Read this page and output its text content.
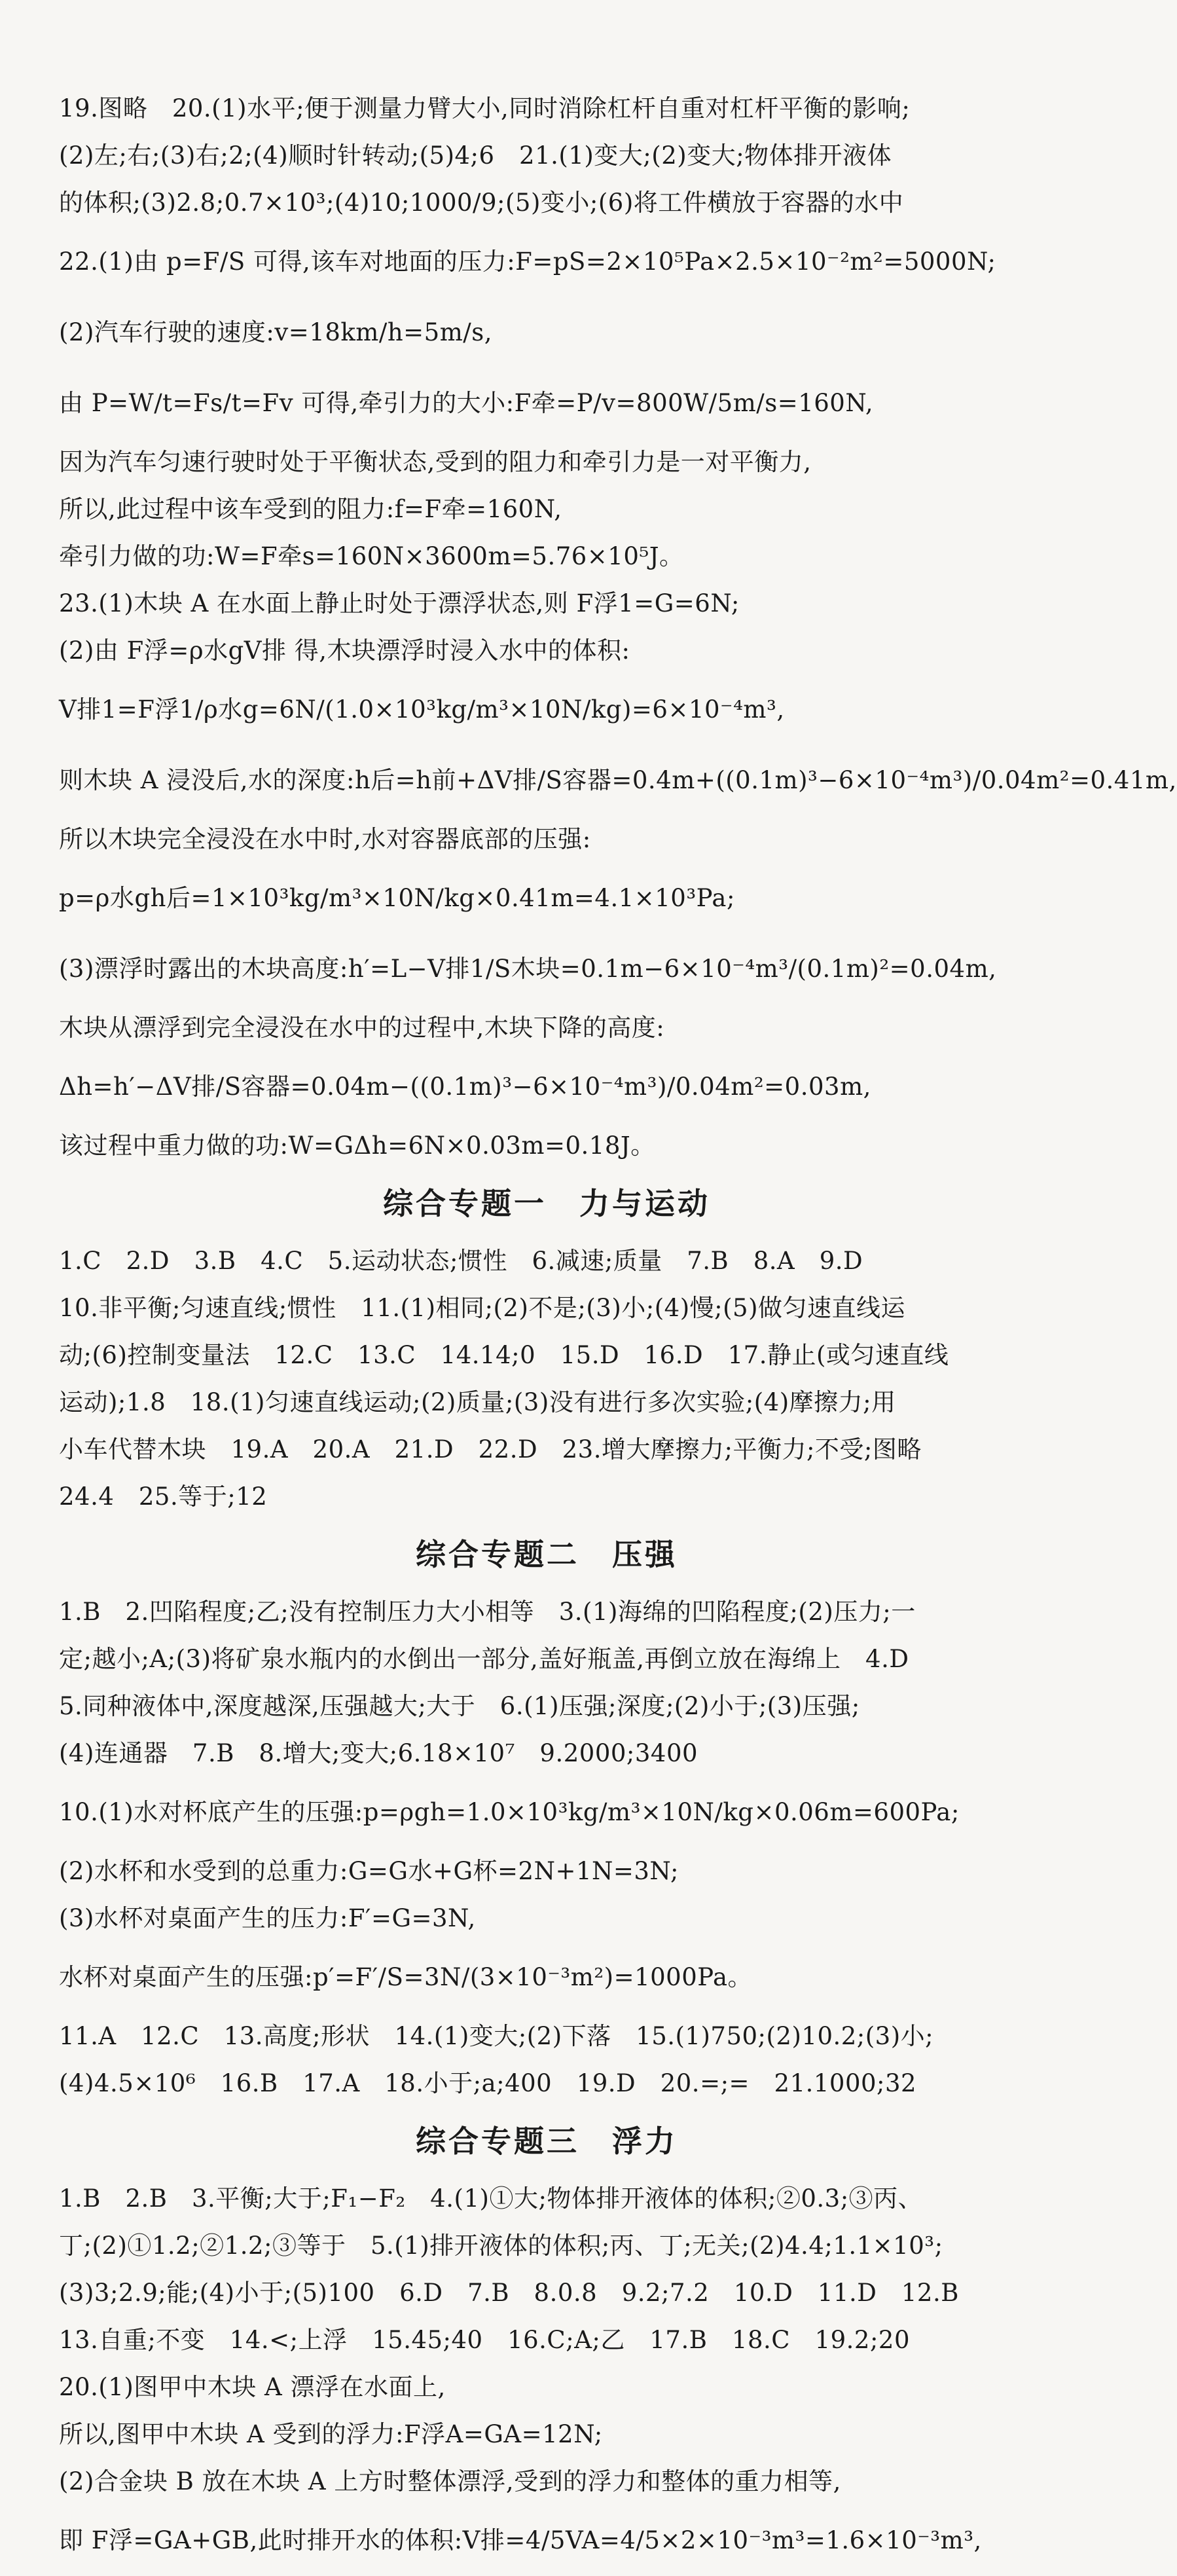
19.图略　20.(1)水平;便于测量力臂大小,同时消除杠杆自重对杠杆平衡的影响;
(2)左;右;(3)右;2;(4)顺时针转动;(5)4;6　21.(1)变大;(2)变大;物体排开液体
的体积;(3)2.8;0.7×10³;(4)10;1000/9;(5)变小;(6)将工件横放于容器的水中
22.(1)由 p=F/S 可得,该车对地面的压力:F=pS=2×10⁵Pa×2.5×10⁻²m²=5000N;
(2)汽车行驶的速度:v=18km/h=5m/s,
由 P=W/t=Fs/t=Fv 可得,牵引力的大小:F牵=P/v=800W/5m/s=160N,
因为汽车匀速行驶时处于平衡状态,受到的阻力和牵引力是一对平衡力,
所以,此过程中该车受到的阻力:f=F牵=160N,
牵引力做的功:W=F牵s=160N×3600m=5.76×10⁵J。
23.(1)木块 A 在水面上静止时处于漂浮状态,则 F浮1=G=6N;
(2)由 F浮=ρ水gV排 得,木块漂浮时浸入水中的体积:
V排1=F浮1/ρ水g=6N/(1.0×10³kg/m³×10N/kg)=6×10⁻⁴m³,
则木块 A 浸没后,水的深度:h后=h前+ΔV排/S容器=0.4m+((0.1m)³−6×10⁻⁴m³)/0.04m²=0.41m,
所以木块完全浸没在水中时,水对容器底部的压强:
p=ρ水gh后=1×10³kg/m³×10N/kg×0.41m=4.1×10³Pa;
(3)漂浮时露出的木块高度:h′=L−V排1/S木块=0.1m−6×10⁻⁴m³/(0.1m)²=0.04m,
木块从漂浮到完全浸没在水中的过程中,木块下降的高度:
Δh=h′−ΔV排/S容器=0.04m−((0.1m)³−6×10⁻⁴m³)/0.04m²=0.03m,
该过程中重力做的功:W=GΔh=6N×0.03m=0.18J。
综合专题一　力与运动
1.C　2.D　3.B　4.C　5.运动状态;惯性　6.减速;质量　7.B　8.A　9.D
10.非平衡;匀速直线;惯性　11.(1)相同;(2)不是;(3)小;(4)慢;(5)做匀速直线运
动;(6)控制变量法　12.C　13.C　14.14;0　15.D　16.D　17.静止(或匀速直线
运动);1.8　18.(1)匀速直线运动;(2)质量;(3)没有进行多次实验;(4)摩擦力;用
小车代替木块　19.A　20.A　21.D　22.D　23.增大摩擦力;平衡力;不受;图略
24.4　25.等于;12
综合专题二　压强
1.B　2.凹陷程度;乙;没有控制压力大小相等　3.(1)海绵的凹陷程度;(2)压力;一
定;越小;A;(3)将矿泉水瓶内的水倒出一部分,盖好瓶盖,再倒立放在海绵上　4.D
5.同种液体中,深度越深,压强越大;大于　6.(1)压强;深度;(2)小于;(3)压强;
(4)连通器　7.B　8.增大;变大;6.18×10⁷　9.2000;3400
10.(1)水对杯底产生的压强:p=ρgh=1.0×10³kg/m³×10N/kg×0.06m=600Pa;
(2)水杯和水受到的总重力:G=G水+G杯=2N+1N=3N;
(3)水杯对桌面产生的压力:F′=G=3N,
水杯对桌面产生的压强:p′=F′/S=3N/(3×10⁻³m²)=1000Pa。
11.A　12.C　13.高度;形状　14.(1)变大;(2)下落　15.(1)750;(2)10.2;(3)小;
(4)4.5×10⁶　16.B　17.A　18.小于;a;400　19.D　20.=;=　21.1000;32
综合专题三　浮力
1.B　2.B　3.平衡;大于;F₁−F₂　4.(1)①大;物体排开液体的体积;②0.3;③丙、
丁;(2)①1.2;②1.2;③等于　5.(1)排开液体的体积;丙、丁;无关;(2)4.4;1.1×10³;
(3)3;2.9;能;(4)小于;(5)100　6.D　7.B　8.0.8　9.2;7.2　10.D　11.D　12.B
13.自重;不变　14.<;上浮　15.45;40　16.C;A;乙　17.B　18.C　19.2;20
20.(1)图甲中木块 A 漂浮在水面上,
所以,图甲中木块 A 受到的浮力:F浮A=GA=12N;
(2)合金块 B 放在木块 A 上方时整体漂浮,受到的浮力和整体的重力相等,
即 F浮=GA+GB,此时排开水的体积:V排=4/5VA=4/5×2×10⁻³m³=1.6×10⁻³m³,
